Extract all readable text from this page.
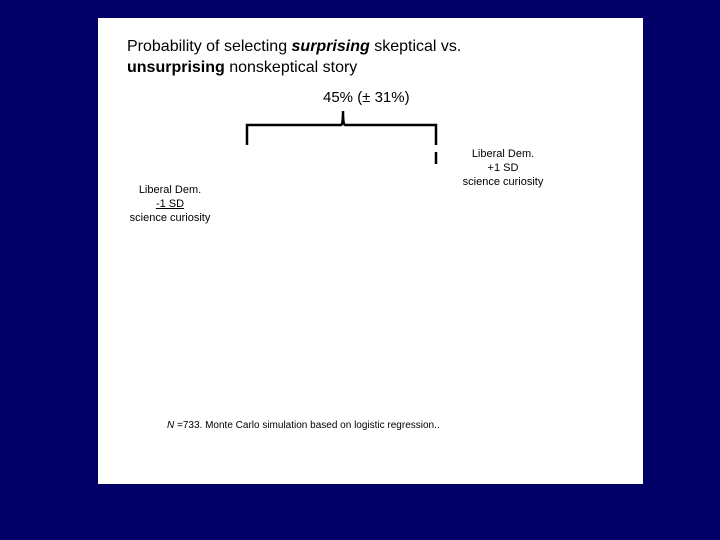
Probability of selecting surprising skeptical vs.
unsurprising nonskeptical story
45% (± 31%)
Liberal Dem.
-1 SD
science curiosity
Liberal Dem.
+1 SD
science curiosity
N =733. Monte Carlo simulation based on logistic regression..
